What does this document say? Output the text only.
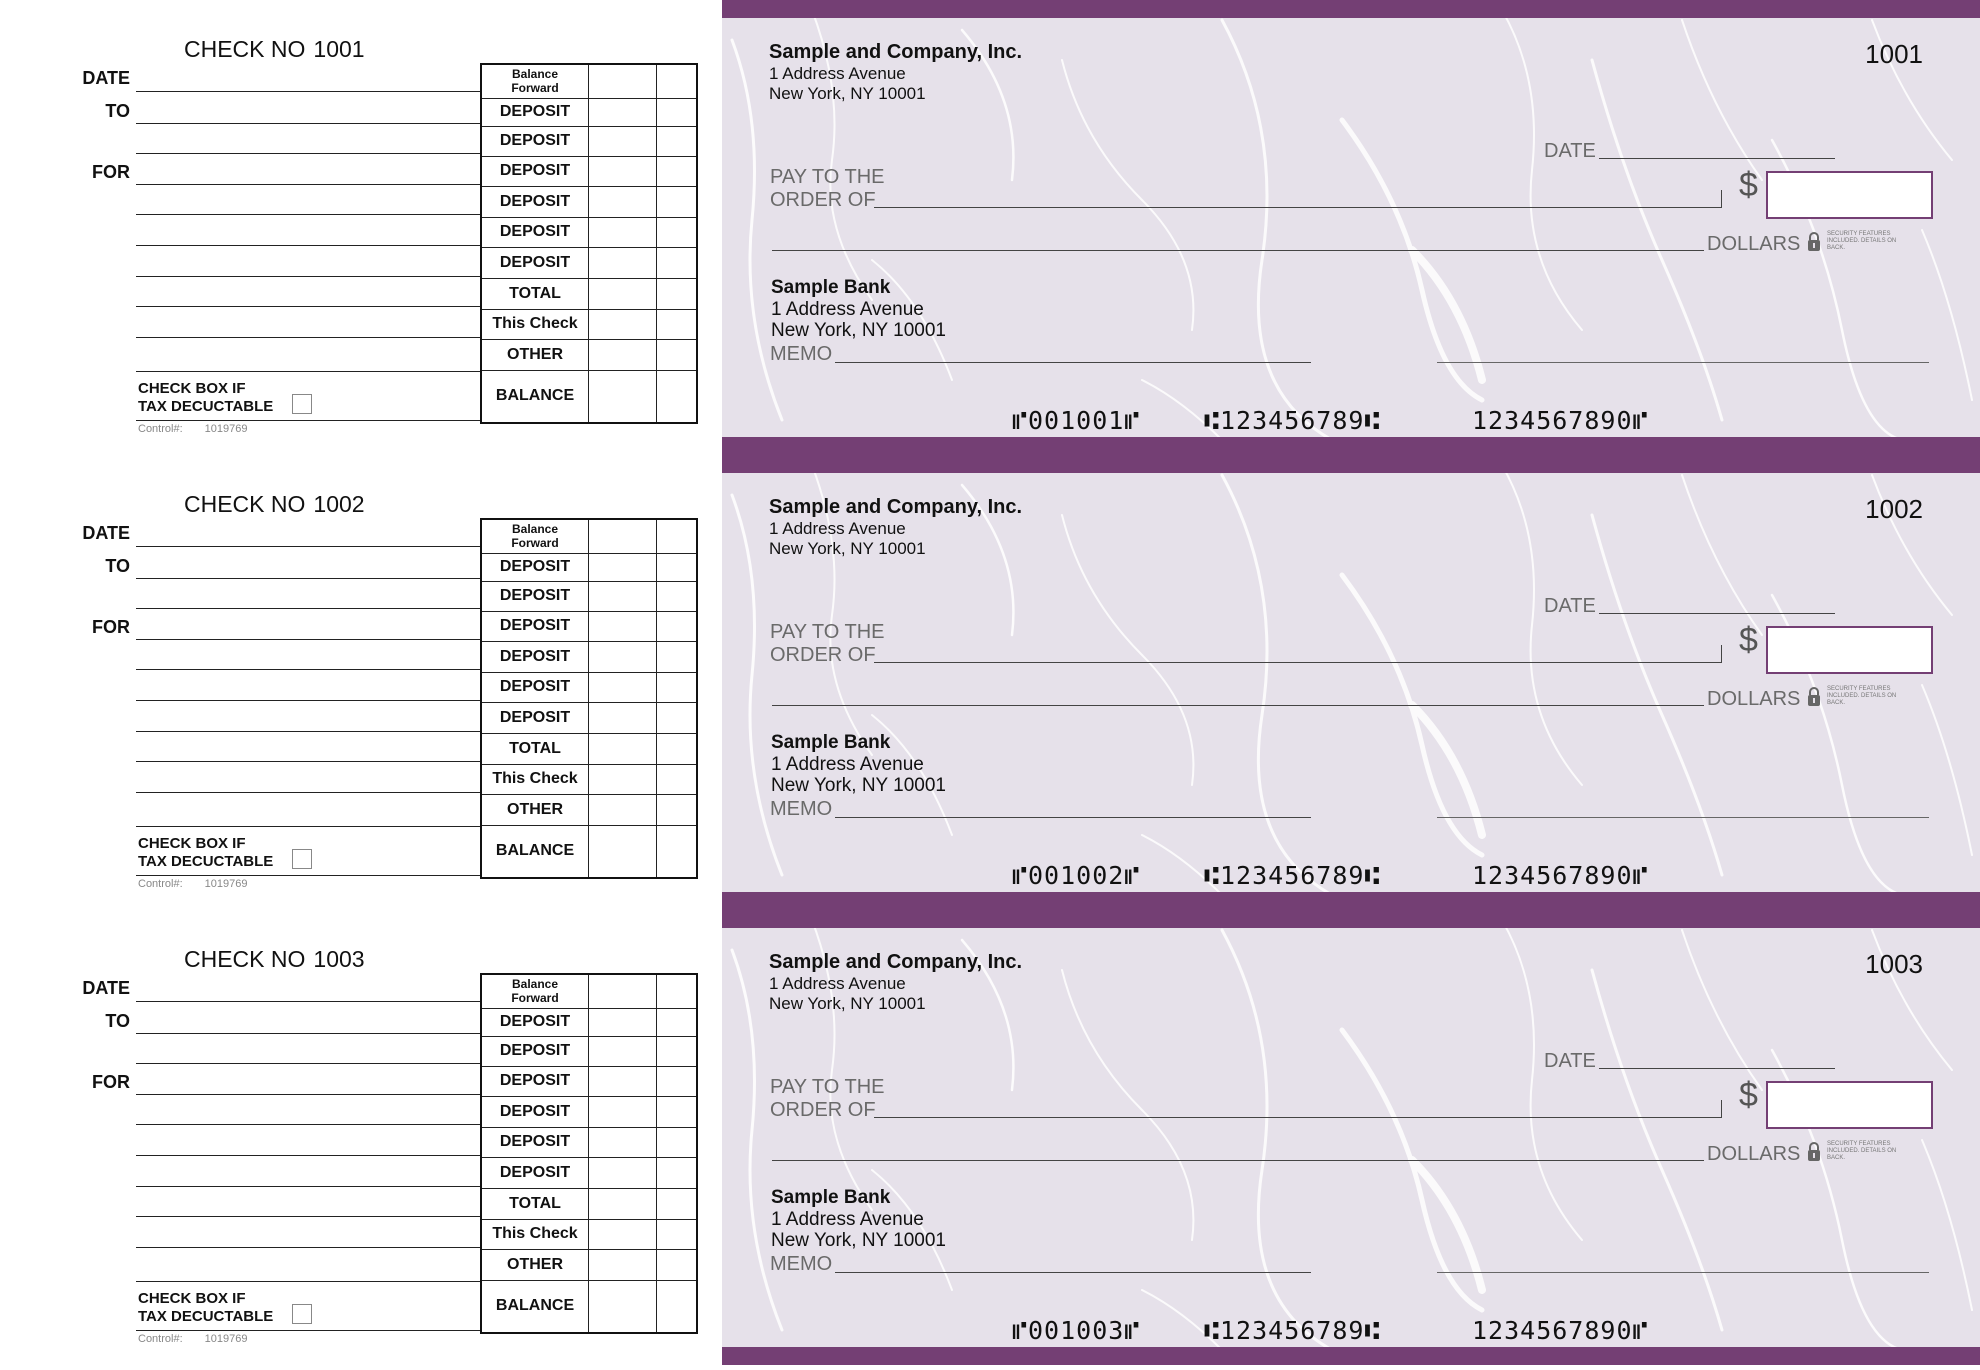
CHECK NO 1001
DATE
TO
FOR
Balance
Forward
DEPOSIT
DEPOSIT
DEPOSIT
DEPOSIT
DEPOSIT
DEPOSIT
TOTAL
This Check
OTHER
BALANCE
CHECK BOX IF
TAX DECUCTABLE
Control#: 1019769
Sample and Company, Inc.
1 Address Avenue
New York, NY 10001
1001
DATE
PAY TO THE
ORDER OF	$
DOLLARS	SECURITY FEATURES INCLUDED. DETAILS ON BACK.
Sample Bank
1 Address Avenue
New York, NY 10001
MEMO
⑈001001⑈	⑆123456789⑆	1234567890⑈
CHECK NO 1002
DATE
TO
FOR
Balance
Forward
DEPOSIT
DEPOSIT
DEPOSIT
DEPOSIT
DEPOSIT
DEPOSIT
TOTAL
This Check
OTHER
BALANCE
CHECK BOX IF
TAX DECUCTABLE
Control#: 1019769
Sample and Company, Inc.
1 Address Avenue
New York, NY 10001
1002
DATE
PAY TO THE
ORDER OF	$
DOLLARS	SECURITY FEATURES INCLUDED. DETAILS ON BACK.
Sample Bank
1 Address Avenue
New York, NY 10001
MEMO
⑈001002⑈	⑆123456789⑆	1234567890⑈
CHECK NO 1003
DATE
TO
FOR
Balance
Forward
DEPOSIT
DEPOSIT
DEPOSIT
DEPOSIT
DEPOSIT
DEPOSIT
TOTAL
This Check
OTHER
BALANCE
CHECK BOX IF
TAX DECUCTABLE
Control#: 1019769
Sample and Company, Inc.
1 Address Avenue
New York, NY 10001
1003
DATE
PAY TO THE
ORDER OF	$
DOLLARS	SECURITY FEATURES INCLUDED. DETAILS ON BACK.
Sample Bank
1 Address Avenue
New York, NY 10001
MEMO
⑈001003⑈	⑆123456789⑆	1234567890⑈
